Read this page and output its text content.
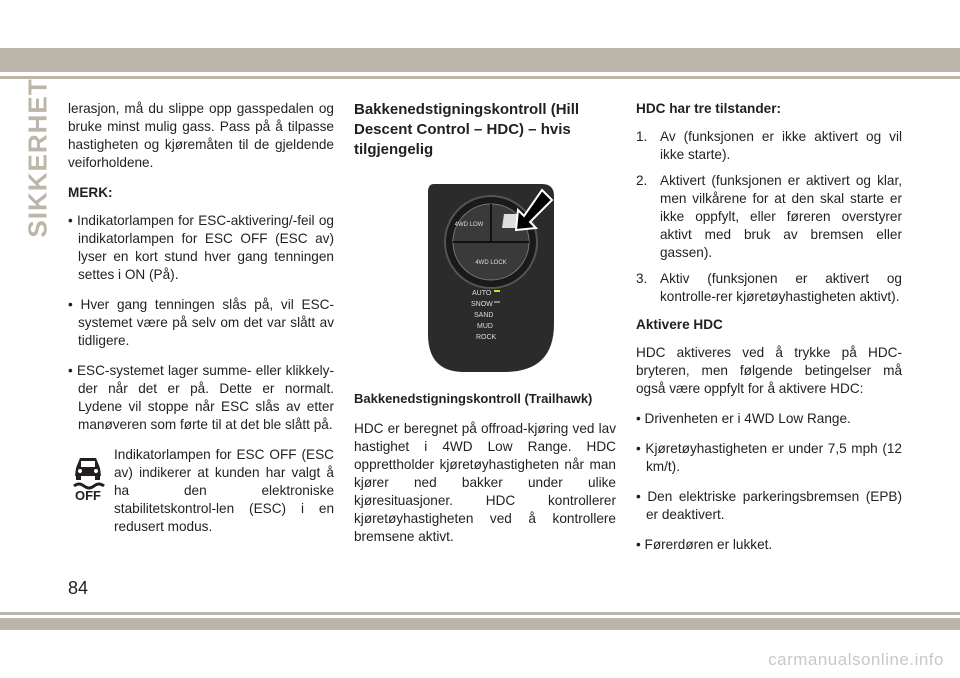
SIKKERHET lerasjon, må du slippe opp gasspedalen og bruke minst mulig gass. Pass på å tilpasse hastigheten og kjøremåten til de gjeldende veiforholdene.

MERK:

• Indikatorlampen for ESC-aktivering/-feil og indikatorlampen for ESC OFF (ESC av) lyser en kort stund hver gang tenningen settes i ON (På).

• Hver gang tenningen slås på, vil ESC-systemet være på selv om det var slått av tidligere.

• ESC-systemet lager summe- eller klikkely-der når det er på. Dette er normalt. Lydene vil stoppe når ESC slås av etter manøveren som førte til at det ble slått på.

OFF
Indikatorlampen for ESC OFF (ESC av) indikerer at kunden har valgt å ha den elektroniske stabilitetskontrol-len (ESC) i en redusert modus.
Bakkenedstigningskontroll (Hill Descent Control – HDC) – hvis tilgjengelig
4WD LOW
4WD LOCK
AUTO
SNOW
SAND
MUD
ROCK

Bakkenedstigningskontroll (Trailhawk)

HDC er beregnet på offroad-kjøring ved lav hastighet i 4WD Low Range. HDC opprettholder kjøretøyhastigheten når man kjører ned bakker under ulike kjøresituasjoner. HDC kontrollerer kjøretøyhastigheten ved å kontrollere bremsene aktivt.

HDC har tre tilstander:

1. Av (funksjonen er ikke aktivert og vil ikke starte).
2. Aktivert (funksjonen er aktivert og klar, men vilkårene for at den skal starte er ikke oppfylt, eller føreren overstyrer aktivt med bruk av bremsen eller gassen).
3. Aktiv (funksjonen er aktivert og kontrolle-rer kjøretøyhastigheten aktivt).

Aktivere HDC

HDC aktiveres ved å trykke på HDC-bryteren, men følgende betingelser må også være oppfylt for å aktivere HDC:

• Drivenheten er i 4WD Low Range.

• Kjøretøyhastigheten er under 7,5 mph (12 km/t).

• Den elektriske parkeringsbremsen (EPB) er deaktivert.

• Førerdøren er lukket.

84
carmanualsonline.info
